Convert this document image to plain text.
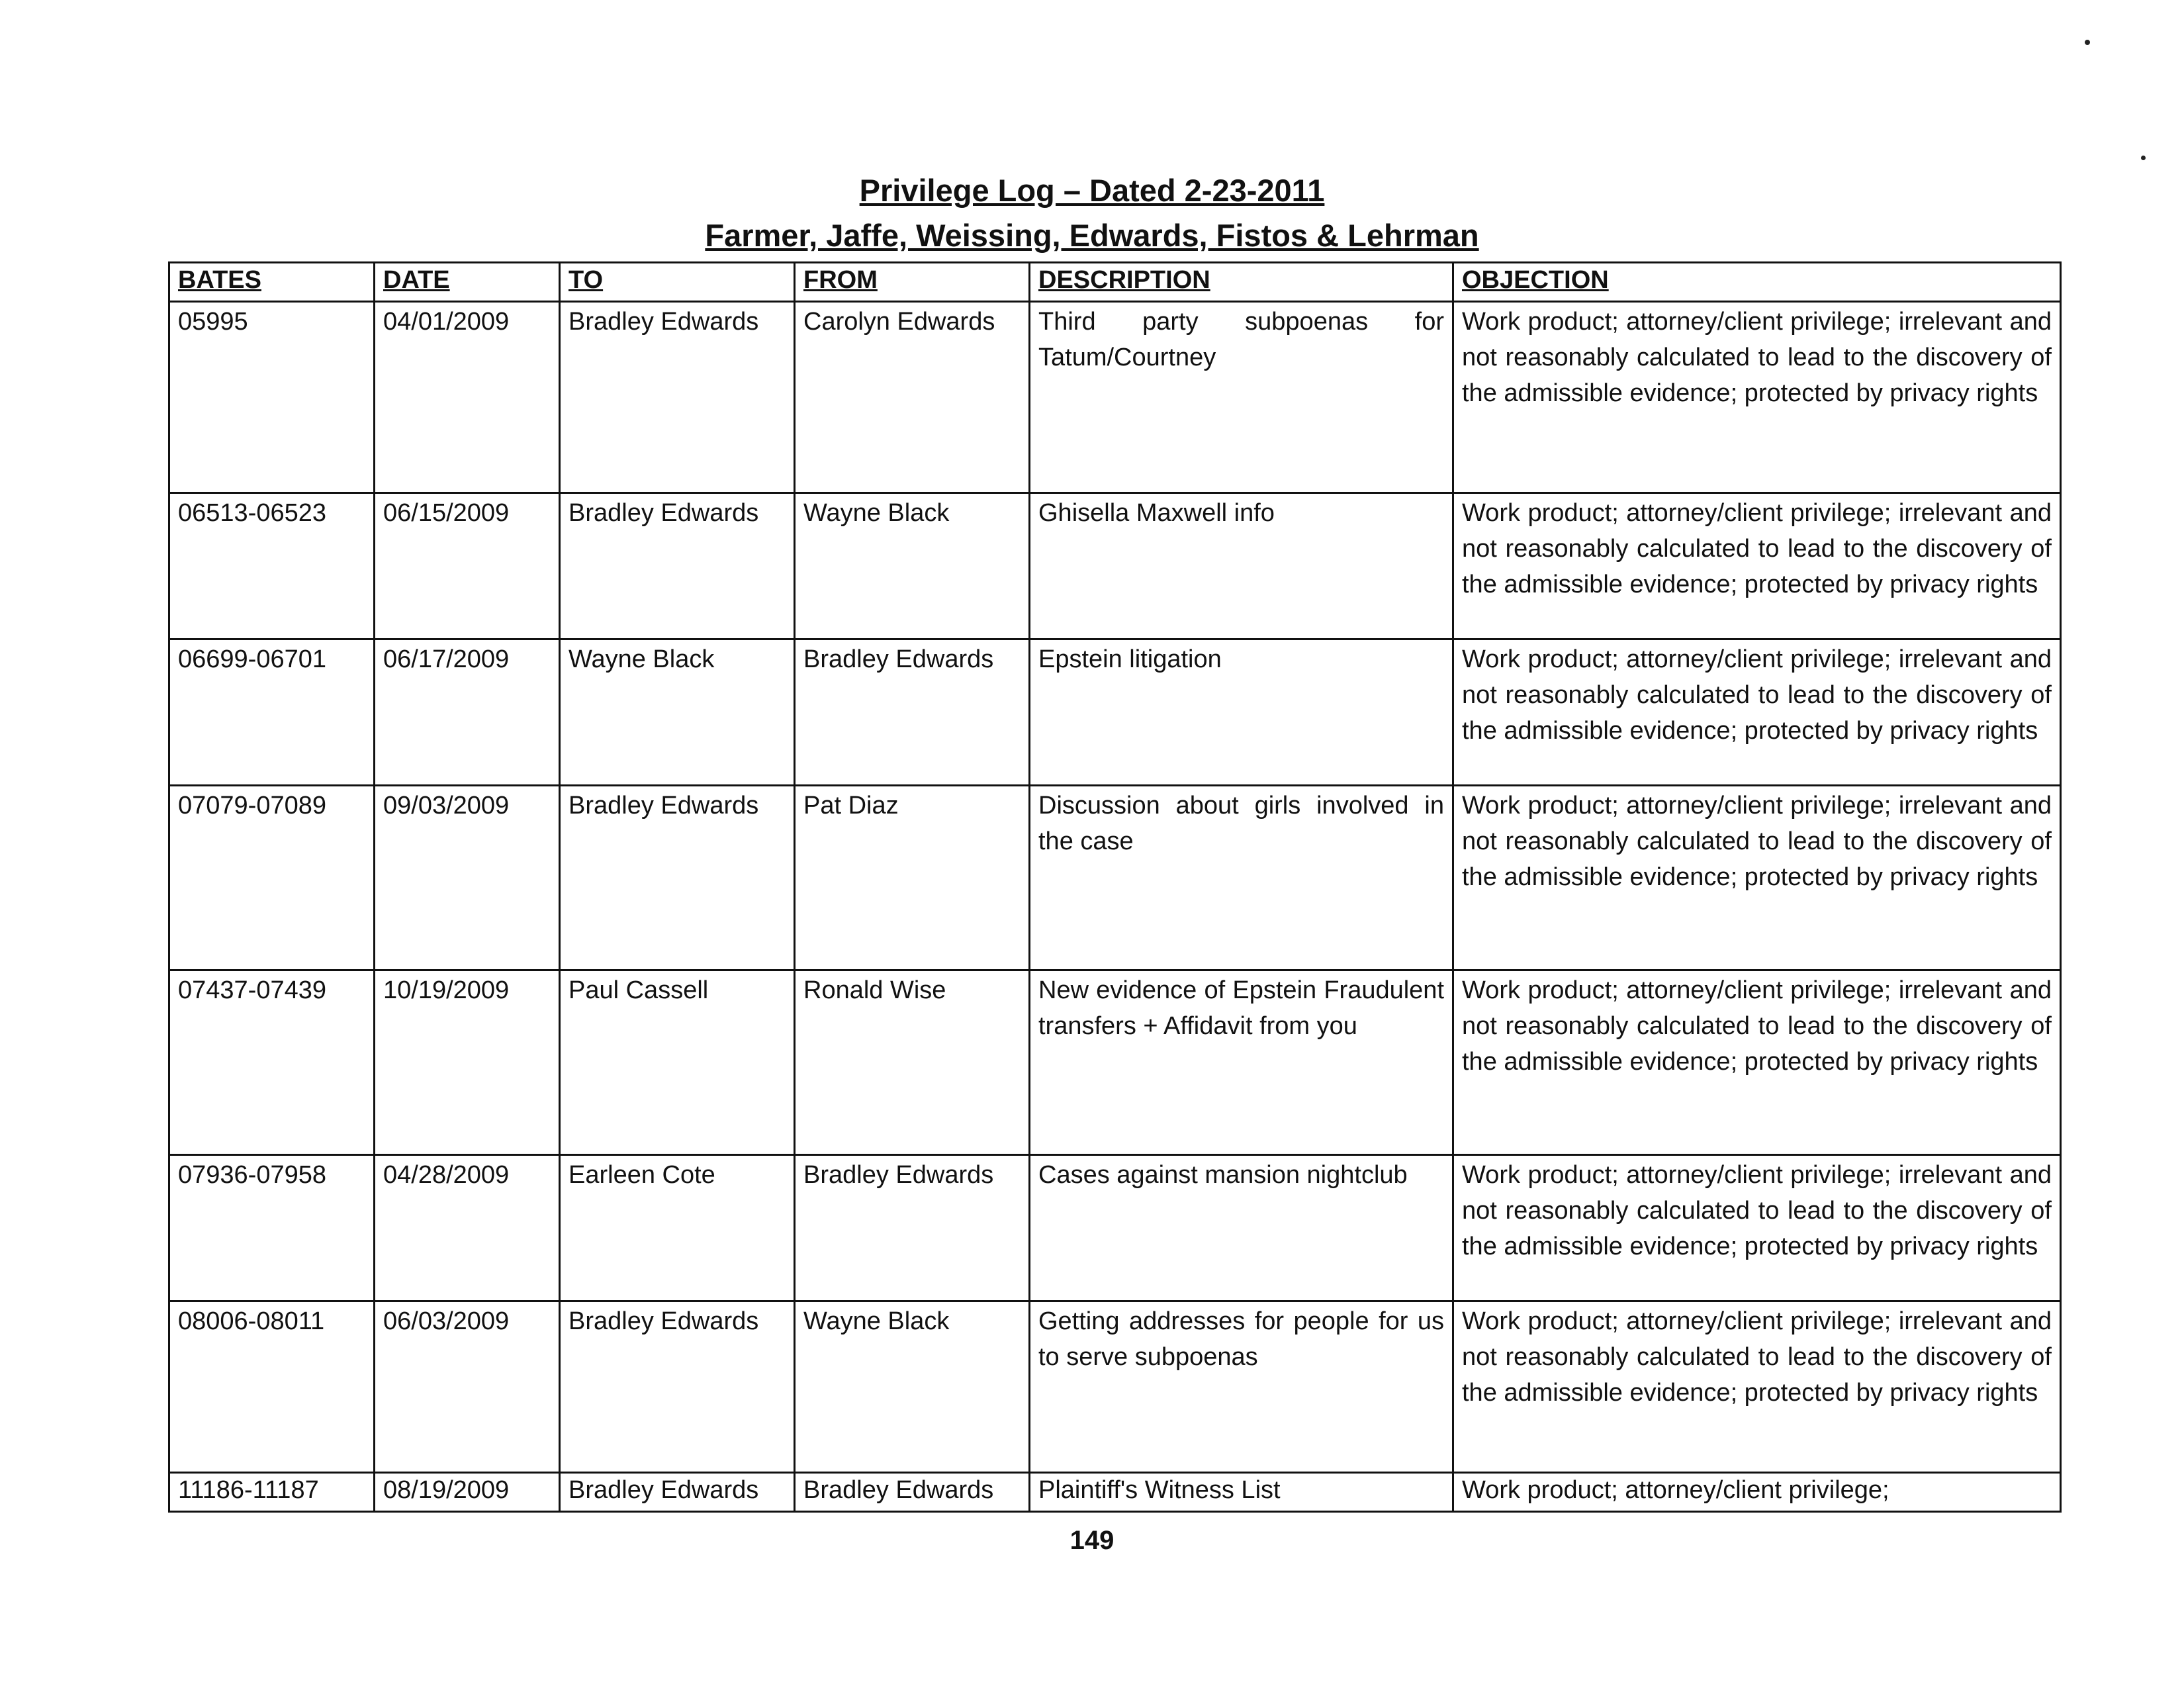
Privilege Log – Dated 2-23-2011
Farmer, Jaffe, Weissing, Edwards, Fistos & Lehrman
BATES	DATE	TO	FROM	DESCRIPTION	OBJECTION
05995	04/01/2009	Bradley Edwards	Carolyn Edwards	Third party subpoenas for Tatum/Courtney	Work product; attorney/client privilege; irrelevant and not reasonably calculated to lead to the discovery of the admissible evidence; protected by privacy rights
06513-06523	06/15/2009	Bradley Edwards	Wayne Black	Ghisella Maxwell info	Work product; attorney/client privilege; irrelevant and not reasonably calculated to lead to the discovery of the admissible evidence; protected by privacy rights
06699-06701	06/17/2009	Wayne Black	Bradley Edwards	Epstein litigation	Work product; attorney/client privilege; irrelevant and not reasonably calculated to lead to the discovery of the admissible evidence; protected by privacy rights
07079-07089	09/03/2009	Bradley Edwards	Pat Diaz	Discussion about girls involved in the case	Work product; attorney/client privilege; irrelevant and not reasonably calculated to lead to the discovery of the admissible evidence; protected by privacy rights
07437-07439	10/19/2009	Paul Cassell	Ronald Wise	New evidence of Epstein Fraudulent transfers + Affidavit from you	Work product; attorney/client privilege; irrelevant and not reasonably calculated to lead to the discovery of the admissible evidence; protected by privacy rights
07936-07958	04/28/2009	Earleen Cote	Bradley Edwards	Cases against mansion nightclub	Work product; attorney/client privilege; irrelevant and not reasonably calculated to lead to the discovery of the admissible evidence; protected by privacy rights
08006-08011	06/03/2009	Bradley Edwards	Wayne Black	Getting addresses for people for us to serve subpoenas	Work product; attorney/client privilege; irrelevant and not reasonably calculated to lead to the discovery of the admissible evidence; protected by privacy rights
11186-11187	08/19/2009	Bradley Edwards	Bradley Edwards	Plaintiff's Witness List	Work product; attorney/client privilege;
149
